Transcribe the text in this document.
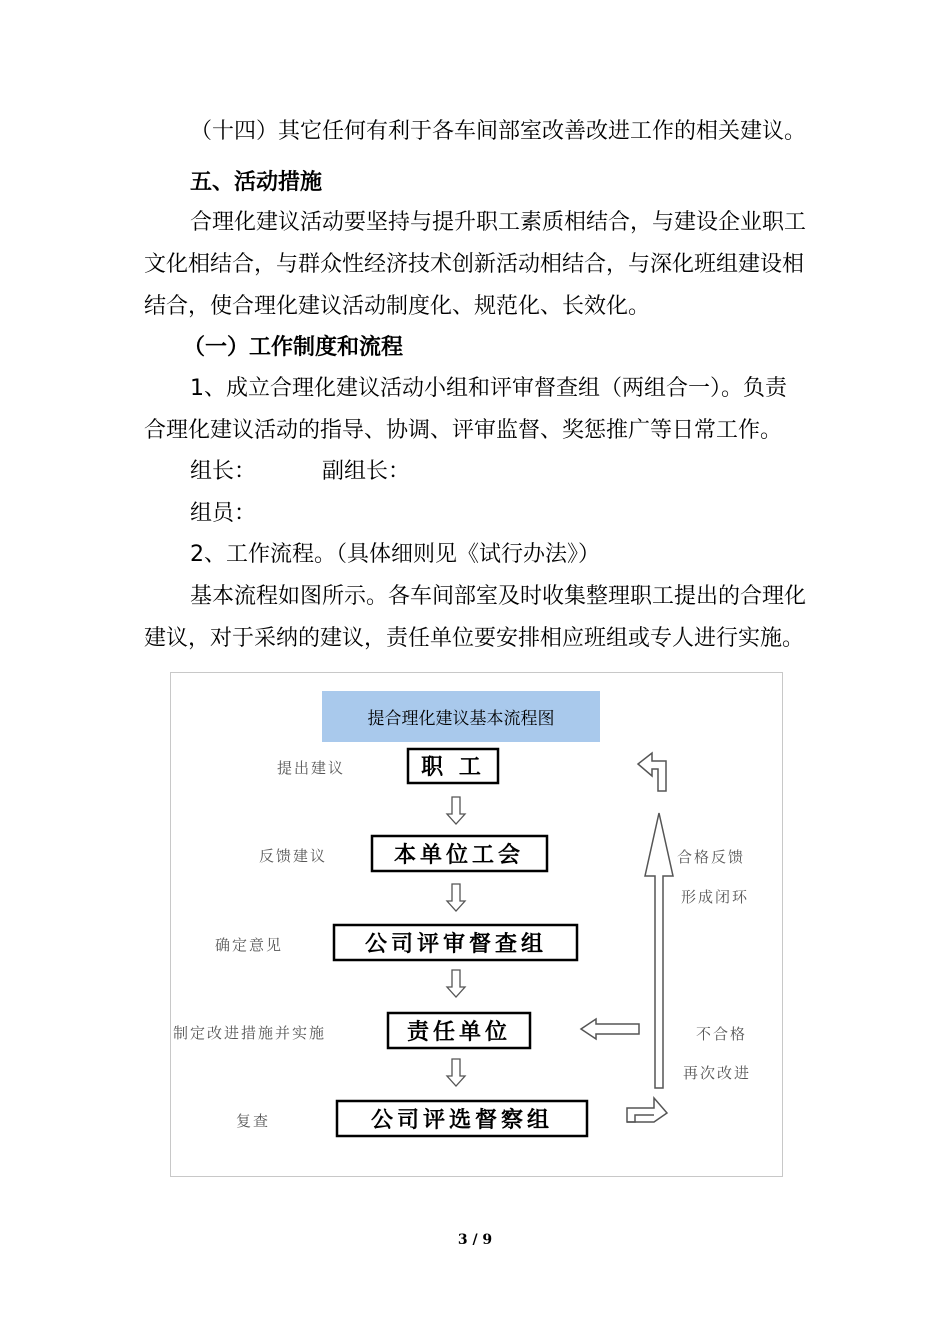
（十四）其它任何有利于各车间部室改善改进工作的相关建议。
五、活动措施
合理化建议活动要坚持与提升职工素质相结合，与建设企业职工
文化相结合，与群众性经济技术创新活动相结合，与深化班组建设相
结合，使合理化建议活动制度化、规范化、长效化。
（一）工作制度和流程
1、成立合理化建议活动小组和评审督查组（两组合一）。负责
合理化建议活动的指导、协调、评审监督、奖惩推广等日常工作。
组长：	副组长：
组员：
2、工作流程。（具体细则见《试行办法》）
基本流程如图所示。各车间部室及时收集整理职工提出的合理化
建议，对于采纳的建议，责任单位要安排相应班组或专人进行实施。
提合理化建议基本流程图
职 工
本单位工会
公司评审督查组
责任单位
公司评选督察组
提出建议
反馈建议
确定意见
制定改进措施并实施
复查
合格反馈
形成闭环
不合格
再次改进
3 / 9
